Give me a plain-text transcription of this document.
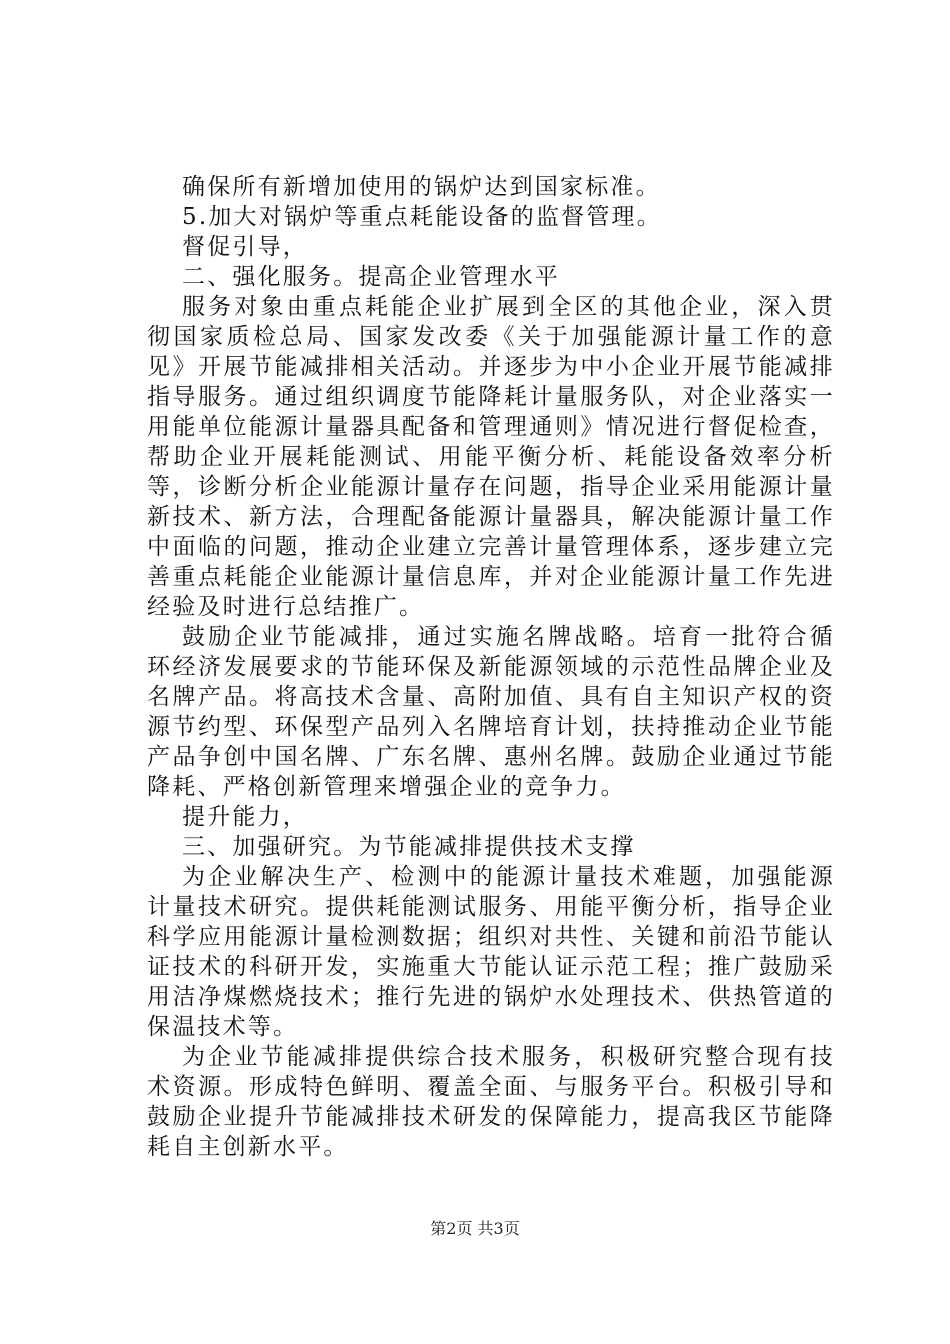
确保所有新增加使用的锅炉达到国家标准。

5.加大对锅炉等重点耗能设备的监督管理。

督促引导，

二、强化服务。提高企业管理水平

服务对象由重点耗能企业扩展到全区的其他企业，深入贯彻国家质检总局、国家发改委《关于加强能源计量工作的意见》开展节能减排相关活动。并逐步为中小企业开展节能减排指导服务。通过组织调度节能降耗计量服务队，对企业落实一用能单位能源计量器具配备和管理通则》情况进行督促检查，帮助企业开展耗能测试、用能平衡分析、耗能设备效率分析等，诊断分析企业能源计量存在问题，指导企业采用能源计量新技术、新方法，合理配备能源计量器具，解决能源计量工作中面临的问题，推动企业建立完善计量管理体系，逐步建立完善重点耗能企业能源计量信息库，并对企业能源计量工作先进经验及时进行总结推广。

鼓励企业节能减排，通过实施名牌战略。培育一批符合循环经济发展要求的节能环保及新能源领域的示范性品牌企业及名牌产品。将高技术含量、高附加值、具有自主知识产权的资源节约型、环保型产品列入名牌培育计划，扶持推动企业节能产品争创中国名牌、广东名牌、惠州名牌。鼓励企业通过节能降耗、严格创新管理来增强企业的竞争力。

提升能力，

三、加强研究。为节能减排提供技术支撑

为企业解决生产、检测中的能源计量技术难题，加强能源计量技术研究。提供耗能测试服务、用能平衡分析，指导企业科学应用能源计量检测数据；组织对共性、关键和前沿节能认证技术的科研开发，实施重大节能认证示范工程；推广鼓励采用洁净煤燃烧技术；推行先进的锅炉水处理技术、供热管道的保温技术等。

为企业节能减排提供综合技术服务，积极研究整合现有技术资源。形成特色鲜明、覆盖全面、与服务平台。积极引导和鼓励企业提升节能减排技术研发的保障能力，提高我区节能降耗自主创新水平。

第2页 共3页
